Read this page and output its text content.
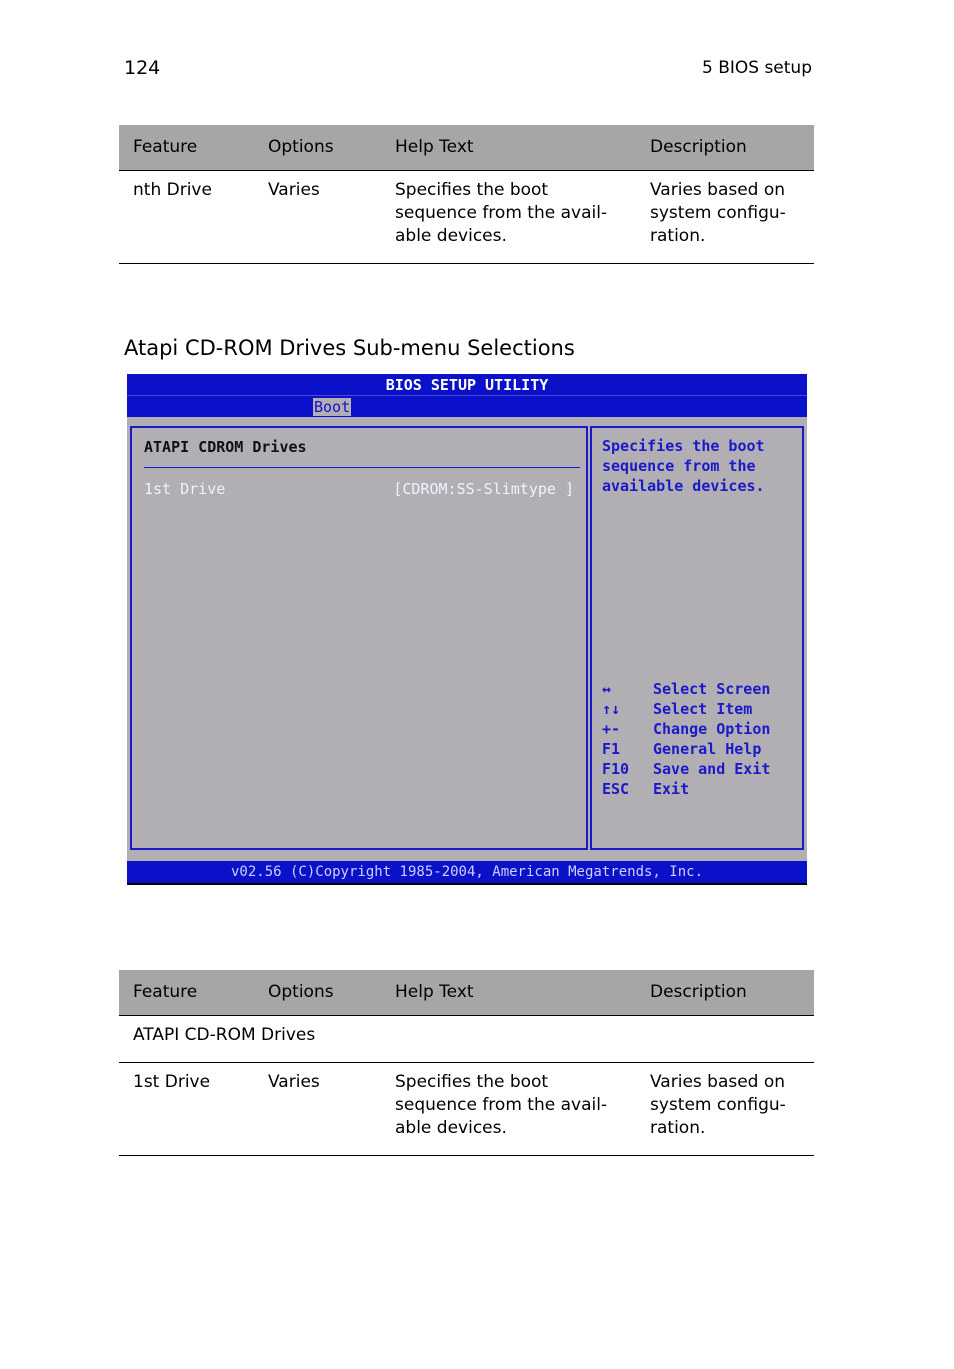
124	5 BIOS setup
Feature	Options	Help Text	Description
nth Drive	Varies	Specifies the boot sequence from the avail-able devices.	Varies based on system configu-ration.
Atapi CD-ROM Drives Sub-menu Selections
BIOS SETUP UTILITY
Boot
ATAPI CDROM Drives
1st Drive	[CDROM:SS-Slimtype ]
Specifies the boot
sequence from the
available devices.
↔	Select Screen
↑↓	Select Item
+-	Change Option
F1	General Help
F10	Save and Exit
ESC	Exit
v02.56 (C)Copyright 1985-2004, American Megatrends, Inc.
Feature	Options	Help Text	Description
ATAPI CD-ROM Drives			
1st Drive	Varies	Specifies the boot sequence from the avail-able devices.	Varies based on system configu-ration.
